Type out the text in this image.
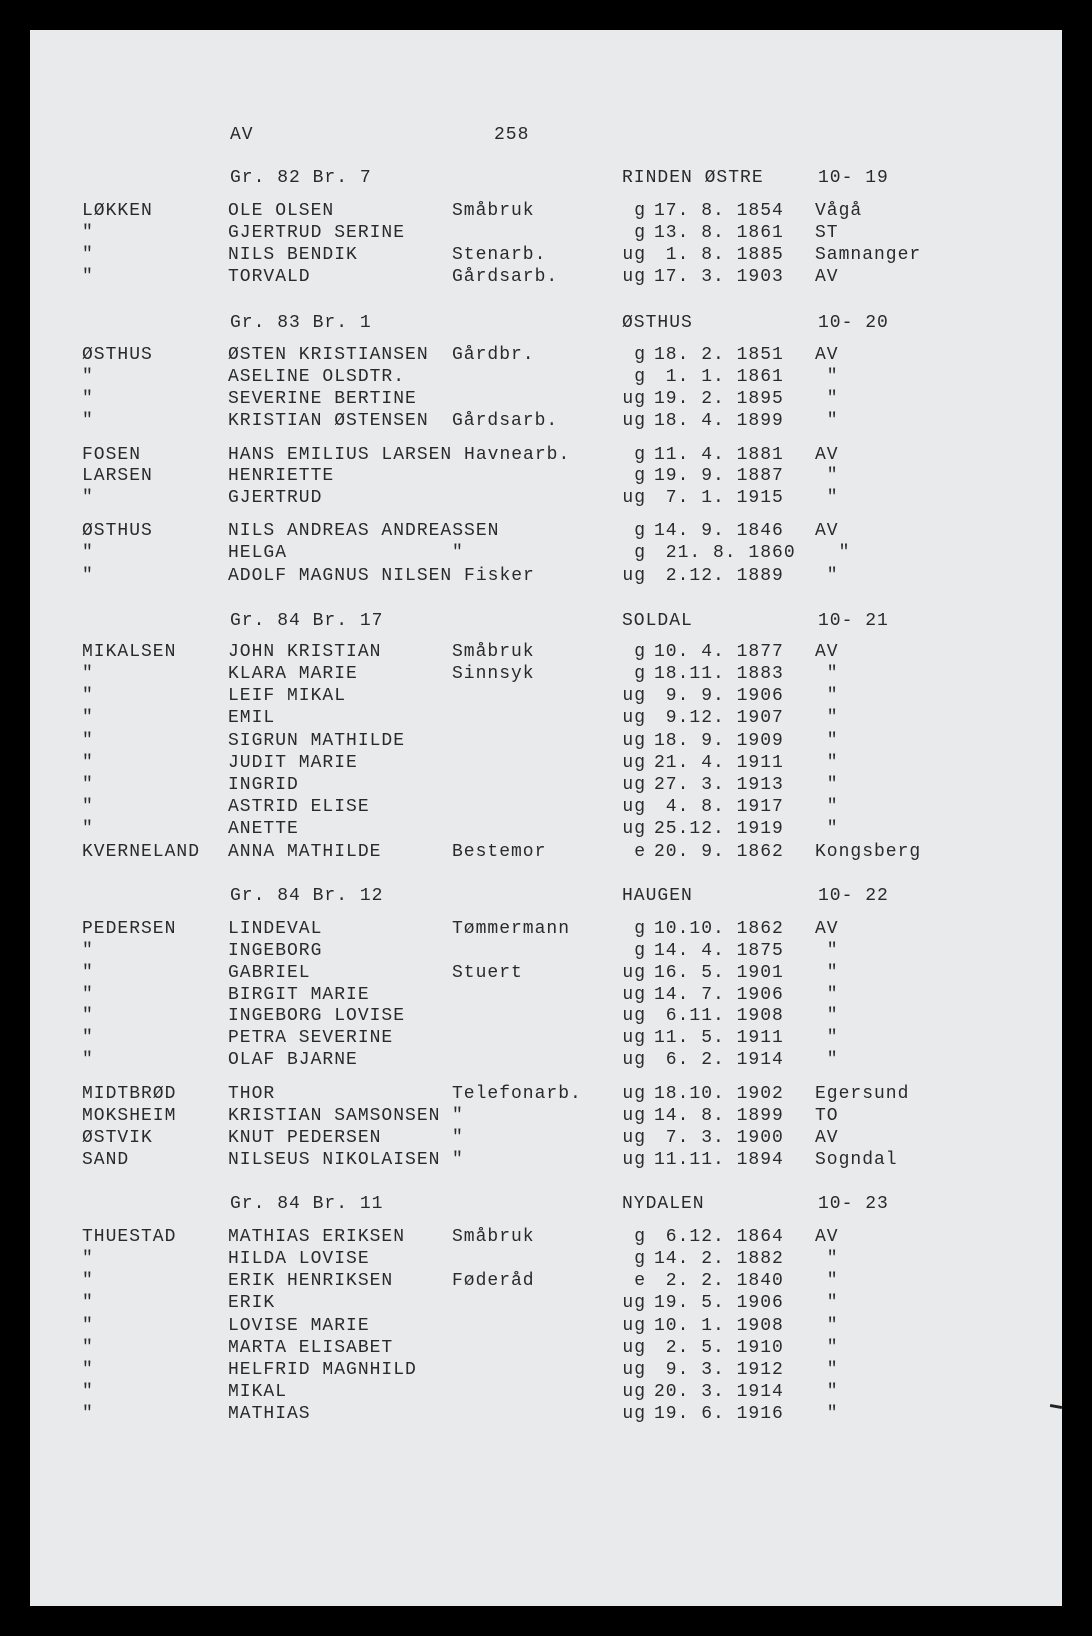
AV	258
Gr. 82 Br. 7	RINDEN ØSTRE	10- 19
LØKKEN	OLE OLSEN	Småbruk	g 17. 8. 1854 Vågå
"	GJERTRUD SERINE	g 13. 8. 1861 ST
"	NILS BENDIK	Stenarb.	ug 1. 8. 1885 Samnanger
"	TORVALD	Gårdsarb.	ug 17. 3. 1903 AV
Gr. 83 Br. 1	ØSTHUS	10- 20
ØSTHUS	ØSTEN KRISTIANSEN Gårdbr.	g 18. 2. 1851 AV
"	ASELINE OLSDTR.	g 1. 1. 1861 "
"	SEVERINE BERTINE	ug 19. 2. 1895 "
"	KRISTIAN ØSTENSEN Gårdsarb.	ug 18. 4. 1899 "
FOSEN	HANS EMILIUS LARSEN Havnearb.	g 11. 4. 1881 AV
LARSEN	HENRIETTE	g 19. 9. 1887 "
"	GJERTRUD	ug 7. 1. 1915 "
ØSTHUS	NILS ANDREAS ANDREASSEN	g 14. 9. 1846 AV
"	HELGA	"	g 21. 8. 1860 "
"	ADOLF MAGNUS NILSEN Fisker	ug 2.12. 1889 "
Gr. 84 Br. 17	SOLDAL	10- 21
MIKALSEN	JOHN KRISTIAN	Småbruk	g 10. 4. 1877 AV
"	KLARA MARIE	Sinnsyk	g 18.11. 1883 "
"	LEIF MIKAL	ug 9. 9. 1906 "
"	EMIL	ug 9.12. 1907 "
"	SIGRUN MATHILDE	ug 18. 9. 1909 "
"	JUDIT MARIE	ug 21. 4. 1911 "
"	INGRID	ug 27. 3. 1913 "
"	ASTRID ELISE	ug 4. 8. 1917 "
"	ANETTE	ug 25.12. 1919 "
KVERNELAND ANNA MATHILDE	Bestemor	e 20. 9. 1862 Kongsberg
Gr. 84 Br. 12	HAUGEN	10- 22
PEDERSEN	LINDEVAL	Tømmermann	g 10.10. 1862 AV
"	INGEBORG	g 14. 4. 1875 "
"	GABRIEL	Stuert	ug 16. 5. 1901 "
"	BIRGIT MARIE	ug 14. 7. 1906 "
"	INGEBORG LOVISE	ug 6.11. 1908 "
"	PETRA SEVERINE	ug 11. 5. 1911 "
"	OLAF BJARNE	ug 6. 2. 1914 "
MIDTBRØD	THOR	Telefonarb.	ug 18.10. 1902 Egersund
MOKSHEIM	KRISTIAN SAMSONSEN "	ug 14. 8. 1899 TO
ØSTVIK	KNUT PEDERSEN	"	ug 7. 3. 1900 AV
SAND	NILSEUS NIKOLAISEN "	ug 11.11. 1894 Sogndal
Gr. 84 Br. 11	NYDALEN	10- 23
THUESTAD	MATHIAS ERIKSEN	Småbruk	g 6.12. 1864 AV
"	HILDA LOVISE	g 14. 2. 1882 "
"	ERIK HENRIKSEN	Føderåd	e 2. 2. 1840 "
"	ERIK	ug 19. 5. 1906 "
"	LOVISE MARIE	ug 10. 1. 1908 "
"	MARTA ELISABET	ug 2. 5. 1910 "
"	HELFRID MAGNHILD	ug 9. 3. 1912 "
"	MIKAL	ug 20. 3. 1914 "
"	MATHIAS	ug 19. 6. 1916 "
